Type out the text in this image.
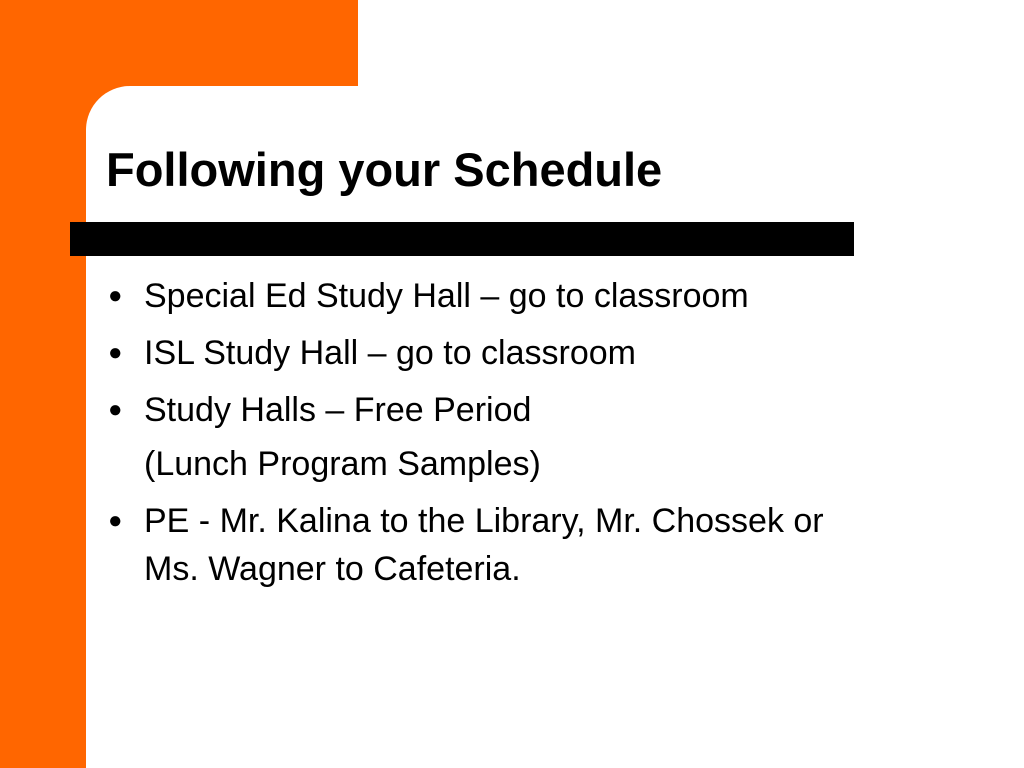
Following your Schedule
● Special Ed Study Hall – go to classroom
● ISL Study Hall – go to classroom
● Study Halls – Free Period
(Lunch Program Samples)
● PE - Mr. Kalina to the Library, Mr. Chossek or
Ms. Wagner to Cafeteria.
